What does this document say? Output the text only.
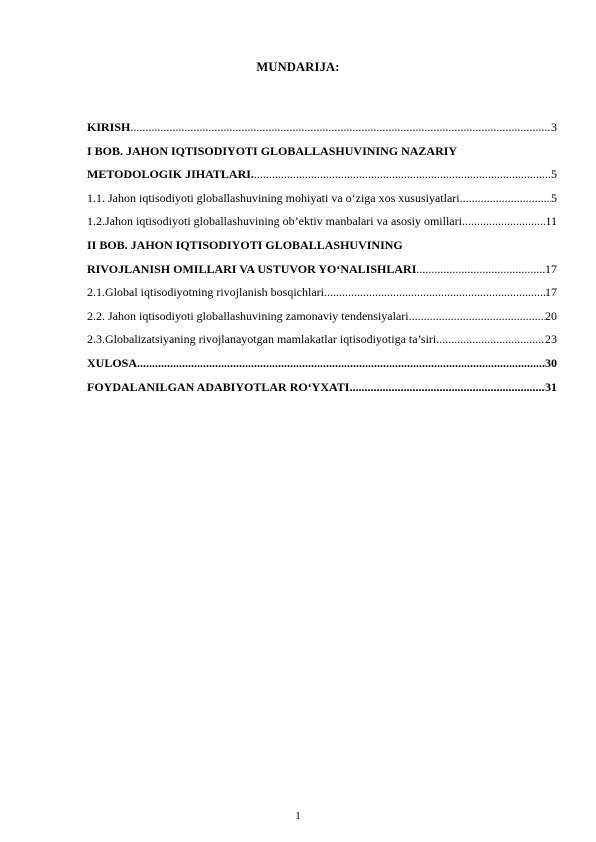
MUNDARIJA:
KIRISH .....	3
I BOB. JAHON IQTISODIYOTI GLOBALLASHUVINING NAZARIY
METODOLOGIK JIHATLARI. .....	5
1.1. Jahon iqtisodiyoti globallashuvining mohiyati va o‘ziga xos xususiyatlari .....	5
1.2.Jahon iqtisodiyoti globallashuvining ob’ektiv manbalari va asosiy omillari .....	11
II BOB. JAHON IQTISODIYOTI GLOBALLASHUVINING
RIVOJLANISH OMILLARI VA USTUVOR YO‘NALISHLARI .....	17
2.1.Global iqtisodiyotning rivojlanish bosqichlari .....	17
2.2. Jahon iqtisodiyoti globallashuvining zamonaviy tendensiyalari .....	20
2.3.Globalizatsiyaning rivojlanayotgan mamlakatlar iqtisodiyotiga ta’siri .....	23
XULOSA .....	30
FOYDALANILGAN ADABIYOTLAR RO‘YXATI .....	31
1
